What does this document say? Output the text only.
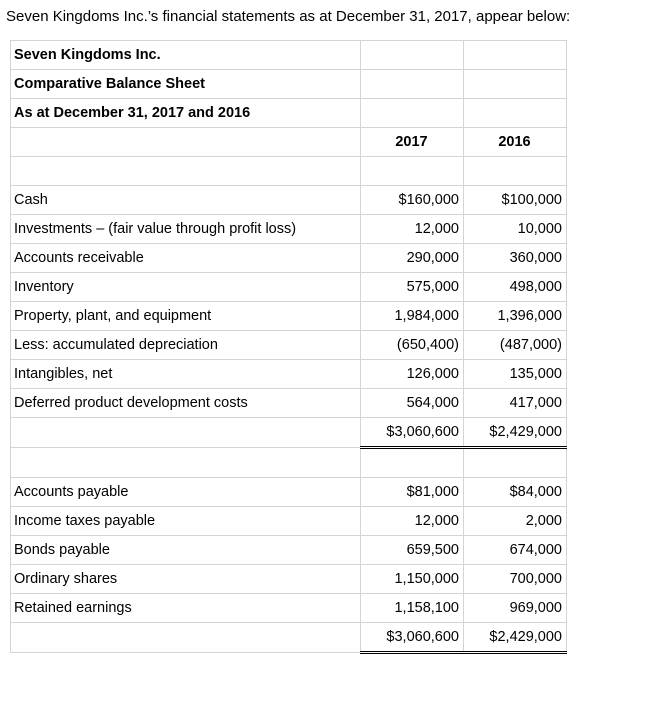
Seven Kingdoms Inc.’s financial statements as at December 31, 2017, appear below:
Seven Kingdoms Inc.		
Comparative Balance Sheet		
As at December 31, 2017 and 2016		
	2017	2016

Cash	$160,000	$100,000
Investments – (fair value through profit loss)	12,000	10,000
Accounts receivable	290,000	360,000
Inventory	575,000	498,000
Property, plant, and equipment	1,984,000	1,396,000
Less: accumulated depreciation	(650,400)	(487,000)
Intangibles, net	126,000	135,000
Deferred product development costs	564,000	417,000
	$3,060,600	$2,429,000

Accounts payable	$81,000	$84,000
Income taxes payable	12,000	2,000
Bonds payable	659,500	674,000
Ordinary shares	1,150,000	700,000
Retained earnings	1,158,100	969,000
	$3,060,600	$2,429,000
